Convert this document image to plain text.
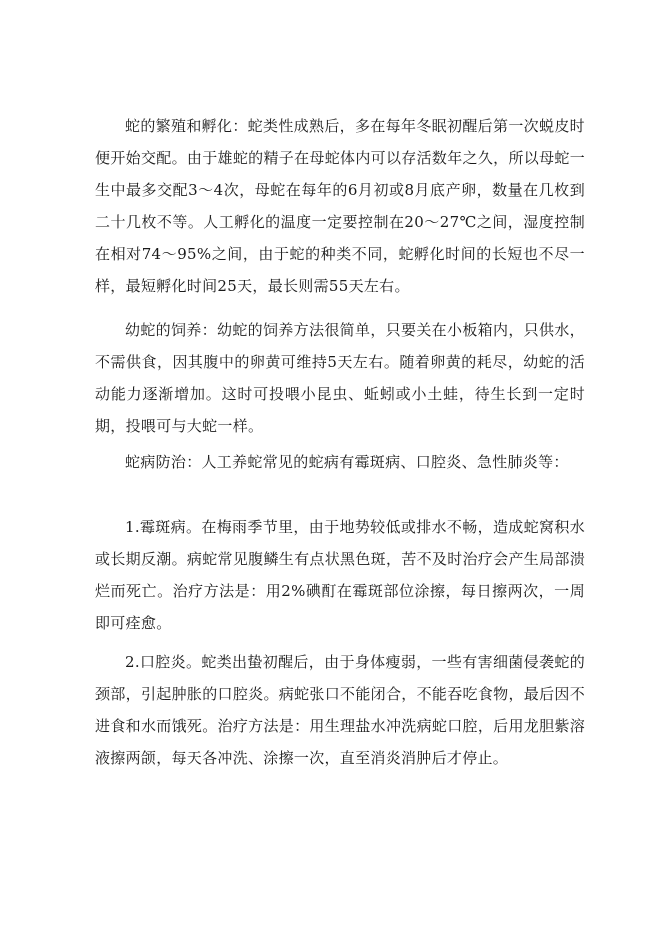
蛇的繁殖和孵化：蛇类性成熟后，多在每年冬眠初醒后第一次蜕皮时便开始交配。由于雄蛇的精子在母蛇体内可以存活数年之久，所以母蛇一生中最多交配3～4次，母蛇在每年的6月初或8月底产卵，数量在几枚到二十几枚不等。人工孵化的温度一定要控制在20～27℃之间，湿度控制在相对74～95%之间，由于蛇的种类不同，蛇孵化时间的长短也不尽一样，最短孵化时间25天，最长则需55天左右。

幼蛇的饲养：幼蛇的饲养方法很简单，只要关在小板箱内，只供水，不需供食，因其腹中的卵黄可维持5天左右。随着卵黄的耗尽，幼蛇的活动能力逐渐增加。这时可投喂小昆虫、蚯蚓或小土蛙，待生长到一定时期，投喂可与大蛇一样。

蛇病防治：人工养蛇常见的蛇病有霉斑病、口腔炎、急性肺炎等：

1.霉斑病。在梅雨季节里，由于地势较低或排水不畅，造成蛇窝积水或长期反潮。病蛇常见腹鳞生有点状黑色斑，苦不及时治疗会产生局部溃烂而死亡。治疗方法是：用2%碘酊在霉斑部位涂擦，每日擦两次，一周即可痊愈。

2.口腔炎。蛇类出蛰初醒后，由于身体瘦弱，一些有害细菌侵袭蛇的颈部，引起肿胀的口腔炎。病蛇张口不能闭合，不能吞吃食物，最后因不进食和水而饿死。治疗方法是：用生理盐水冲洗病蛇口腔，后用龙胆紫溶液擦两颌，每天各冲洗、涂擦一次，直至消炎消肿后才停止。
